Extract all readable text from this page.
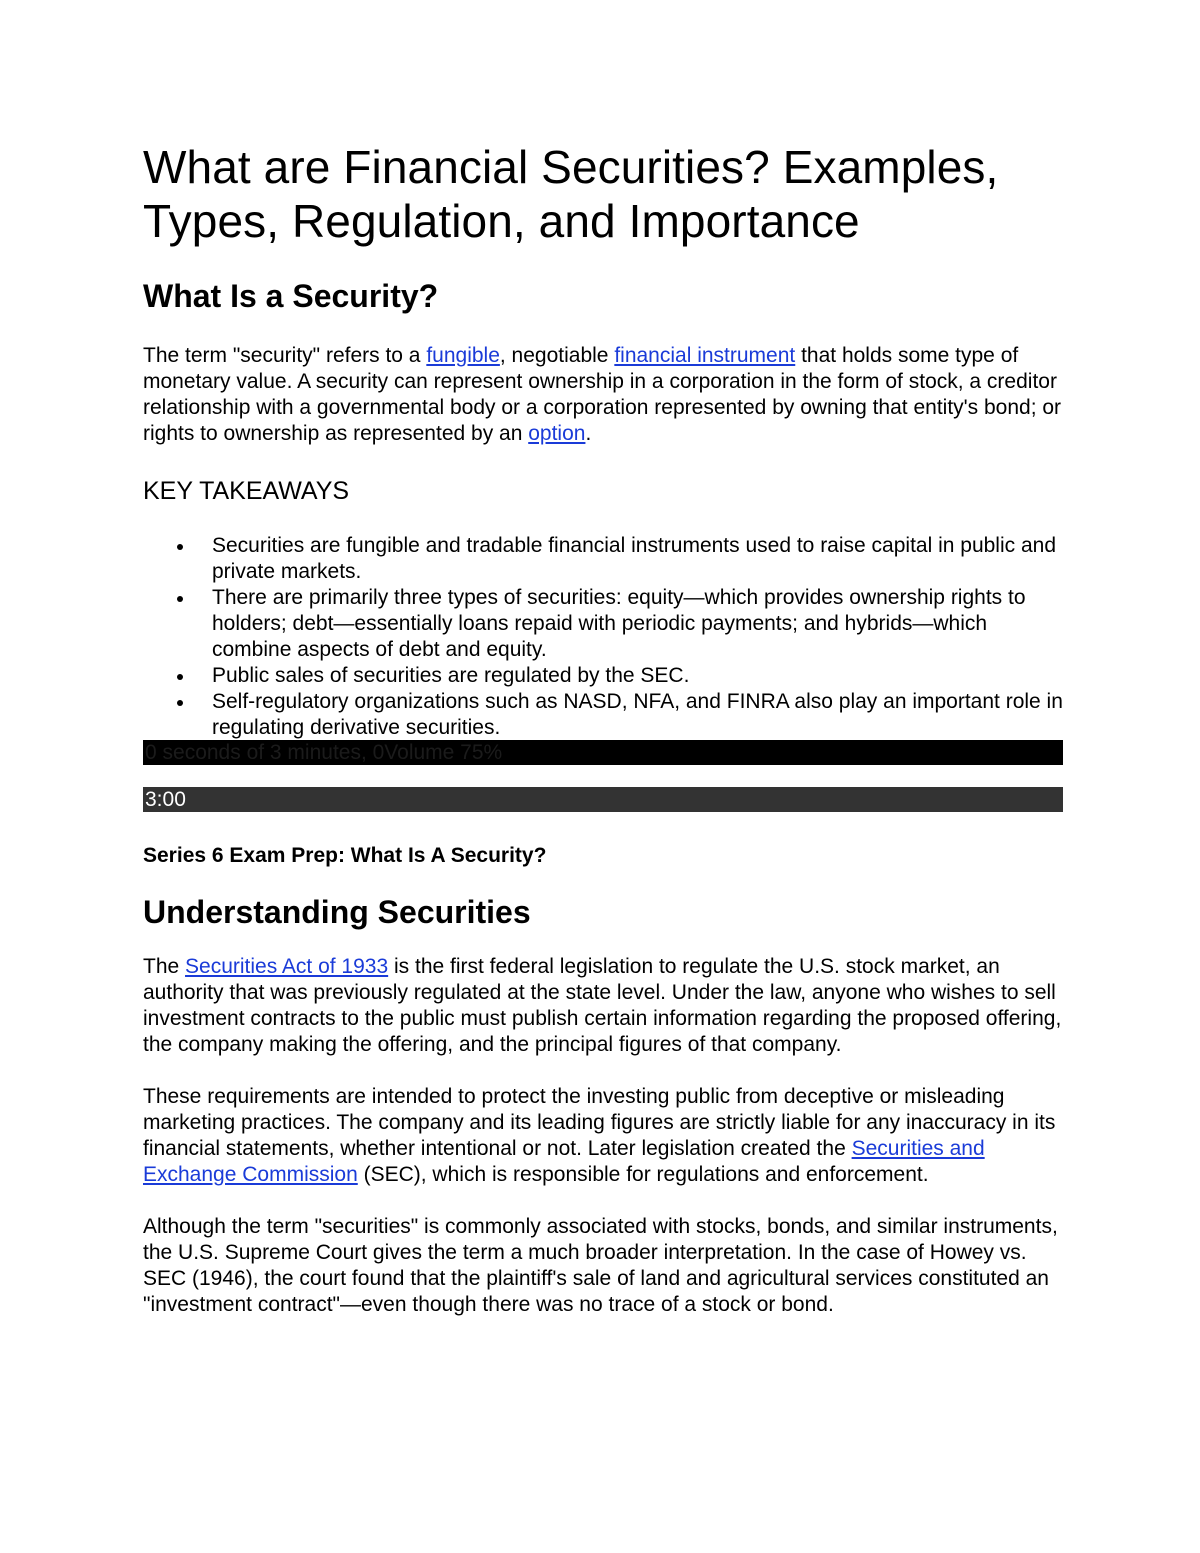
What are Financial Securities? Examples, Types, Regulation, and Importance
What Is a Security?

The term "security" refers to a fungible, negotiable financial instrument that holds some type of monetary value. A security can represent ownership in a corporation in the form of stock, a creditor relationship with a governmental body or a corporation represented by owning that entity's bond; or rights to ownership as represented by an option.

KEY TAKEAWAYS

Securities are fungible and tradable financial instruments used to raise capital in public and private markets.
There are primarily three types of securities: equity—which provides ownership rights to holders; debt—essentially loans repaid with periodic payments; and hybrids—which combine aspects of debt and equity.
Public sales of securities are regulated by the SEC.
Self-regulatory organizations such as NASD, NFA, and FINRA also play an important role in regulating derivative securities.
0 seconds of 3 minutes, 0Volume 75%
3:00

Series 6 Exam Prep: What Is A Security?

Understanding Securities

The Securities Act of 1933 is the first federal legislation to regulate the U.S. stock market, an authority that was previously regulated at the state level. Under the law, anyone who wishes to sell investment contracts to the public must publish certain information regarding the proposed offering, the company making the offering, and the principal figures of that company.

These requirements are intended to protect the investing public from deceptive or misleading marketing practices. The company and its leading figures are strictly liable for any inaccuracy in its financial statements, whether intentional or not. Later legislation created the Securities and Exchange Commission (SEC), which is responsible for regulations and enforcement.

Although the term "securities" is commonly associated with stocks, bonds, and similar instruments, the U.S. Supreme Court gives the term a much broader interpretation. In the case of Howey vs. SEC (1946), the court found that the plaintiff's sale of land and agricultural services constituted an "investment contract"—even though there was no trace of a stock or bond.
